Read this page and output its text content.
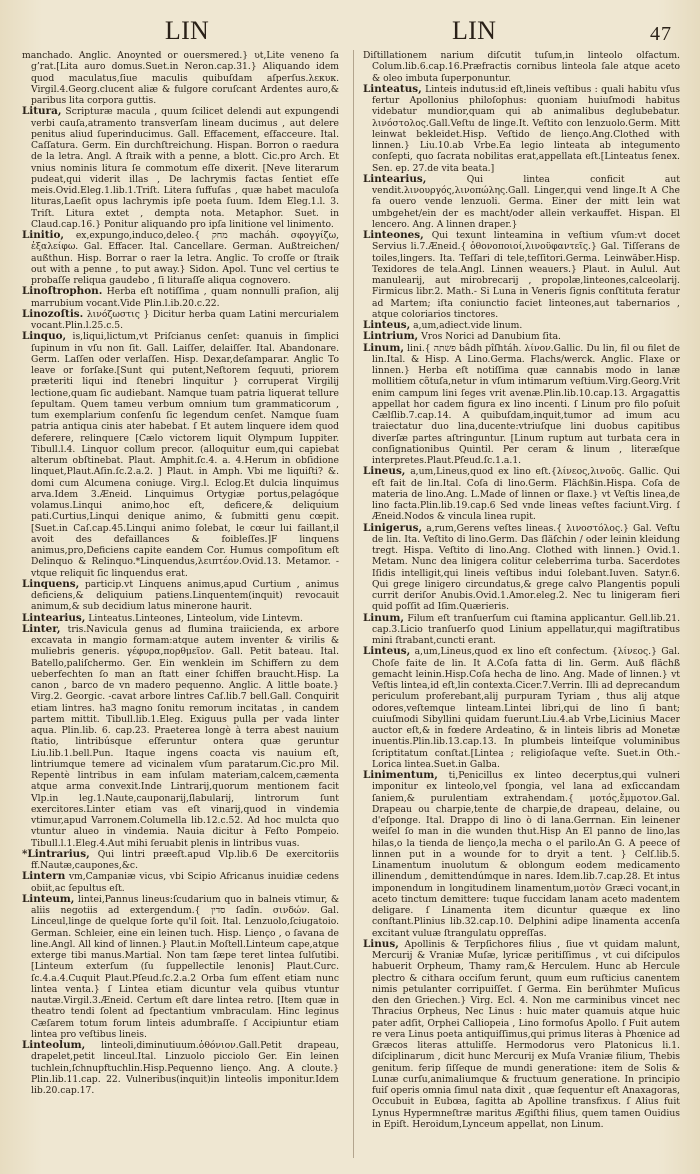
LIN	LIN	47

manchado. Anglic. Anoynted or ouersmered.} ʋt,Lite veneno ſa g’rat.[Lita auro domus.Suet.in Neron.cap.31.} Aliquando idem quod maculatus,ſiue maculis quibuſdam aſperſus.λεκυκ. Virgil.4.Georg.clucent aliæ & fulgore coruſcant Ardentes auro,& paribus lita corpora guttis.

Litura, Scripturæ macula , quum ſcilicet delendi aut expungendi verbi cauſa,atramento transverſam lineam ducimus , aut delere penitus aliud ſuperinducimus. Gall. Effacement, eſfacceure. Ital. Caſſatura. Germ. Ein durchſtreichung. Hispan. Borron o raedura de la letra. Angl. A ſtraik with a penne, a blott. Cic.pro Arch. Et vnius nominis litura ſe commotum eſſe dixerit. [Neve literarum pudeat,qui viderit illas , De lachrymis factas ſentiet eſſe meis.Ovid.Eleg.1.lib.1.Triſt. Litera ſuffuſas , quæ habet maculoſa lituras,Laeſit opus lachrymis ipſe poeta ſuum. Idem Eleg.1.l. 3. Triſt. Litura extet , dempta nota. Metaphor. Suet. in Claud.cap.16.} Ponitur aliquando pro ipſa linitione vel linimento.

Linitio, ex,expungo,induco,deleo.{ מחק macháh. σφογγίζω, ἐξαλείφω. Gal. Effacer. Ital. Cancellare. German. Außtreichen/ außthun. Hisp. Borrar o raer la letra. Anglic. To croſſe or ſtraik out with a penne , to put away.} Sidon. Apol. Tunc vel certius te probaſſe reliqua gaudebo , ſi lituraſſe aliqua cognovero.

Linoſtrophon. Herba eſt notiſſima , quam nonnulli praſion, alij marrubium vocant.Vide Plin.l.ib.20.c.22.

Linozoſtis. λινόζωστις } Dicitur herba quam Latini mercurialem vocant.Plin.l.25.c.5.

Linquo, is,liqui,lictum,vt Priſcianus cenſet: quanuis in ſimplici ſupinum in vſu non ſit. Gall. Laiſſer, delaiſſer. Ital. Abandonare. Germ. Laſſen oder verlaſſen. Hisp. Dexar,deſamparar. Anglic To leave or forſake.[Sunt qui putent,Neſtorem ſequuti, priorem præteriti liqui ind ſtenebri linquitur } corruperat Virgilij lectione,quam ſic audiebant. Namque tuam patria liquerat tellure ſepultam. Quem tameu verbum omnium tum grammaticorum , tum exemplarium conſenſu ſic legendum cenſet. Namque ſuam patria antiqua cinis ater habebat. ſ Et autem linquere idem quod deferere, relinquere [Cælo victorem liquit Olympum Iuppiter. Tibull.l.4. Linquor collum precor. (alloquitur eum,qui capiebat alterum obſtinebat. Plaut. Amphit.ſc.4. a. 4.Herum in obſidione linquet,Plaut.Aſin.ſc.2.a.2. ] Plaut. in Amph. Vbi me liquiſti? &. domi cum Alcumena coniuge. Virg.l. Eclog.Et dulcia linquimus arva.Idem 3.Æneid. Linquimus Ortygiæ portus,pelagóque volamus.Linqui animo,hoc eſt, deficere,& deliquium pati.Curtius,Linqui denique animo, & ſubmitti genu cœpit.[Suet.in Caſ.cap.45.Linqui animo ſolebat, le cœur lui faillant,il avoit des defaillances & foibleſſes.]F linquens animus,pro,Deficiens capite eandem Cor. Humus compoſitum eſt Delinquo & Relinquo.*Linquendus,λειπτέον.Ovid.13. Metamor. -vtque reliquit ſic linquendus erat.

Linquens, particip.vt Linquens animus,apud Curtium , animus deficiens,& deliquium patiens.Linquentem(inquit) revocauit animum,& sub decidium latus minerone haurit.

Lintearius, Linteatus.Linteones, Linteolum, vide Lintevm.

Linter, tris.Navicula genus ad flumina traiicienda, ex arbore excavata in mangio formam:atque autem inventer & virilis & muliebris generis. γέφυρα,πορθμεῖον. Gall. Petit bateau. Ital. Batello,paliſchermo. Ger. Ein wenklein im Schiffern zu dem ueberfechten ſo man an ſtatt einer ſchiffen braucht.Hisp. La canon , barco de vn madero pequenno. Anglic. A little boate.} Virg.2. Georgic. -cavat arbore lintres Caſ.lib.7 bell.Gall. Conquirit etiam lintres. ha3 magno ſonitu remorum incitatas , in candem partem mittit. Tibull.lib.1.Eleg. Exiguus pulla per vada linter aqua. Plin.lib. 6. cap.23. Praeterea longè à terra abest nauium ſtatio, lintribúsque eſferuntur ontera quæ geruntur Liu.lib.1.bell.Pun. Itaque ingens coacta vis nauium eſt, lintriumque temere ad vicinalem vſum paratarum.Cic.pro Mil. Repentè lintribus in eam inſulam materiam,calcem,cæmenta atque arma convexit.Inde Lintrarij,quorum mentionem facit Vlp.in leg.1.Naute,cauponarij,ſlabularij, lintrorum ſunt exercitores.Linter etiam vas eſt vinarij,quod in vindemia vtimur,apud Varronem.Columella lib.12.c.52. Ad hoc mulcta quo vtuntur alueo in vindemia. Nauia dicitur à Feſto Pompeio. Tibull.l.1.Eleg.4.Aut mihi ſeruabit plenis in lintribus vuas.

*Lintrarius, Qui lintri præeſt.apud Vlp.lib.6 De exercitoriis ff.Nautæ,caupones,&c.

Lintern vm,Campaniæ vicus, vbi Scipio Africanus inuidiæ cedens obiit,ac ſepultus eſt.

Linteum, lintei,Pannus lineus:ſcudarium quo in balneis vtimur, & aliis negotiis ad extergendum.{ סדין ſadîn. σινδών. Gal. Linceul,linge de quelque ſorte qu'il ſoit. Ital. Lenzuolo,ſciugatoio. German. Schleier, eine ein leinen tuch. Hisp. Lienço , o ſavana de line.Angl. All kind of linnen.} Plaut.in Moſtell.Linteum cape,atque exterge tibi manus.Martial. Non tam ſæpe teret lintea ſulſutibi.[Linteum exterſum (ſu ſuppellectile lenonis] Plaut.Curc. ſc.4.a.4.Cuquit Plaut.Pſeud.ſc.2.a.2 Orba ſum eſſent etiam nunc lintea venta.} ſ Lintea etiam dicuntur vela quibus vtuntur nautæ.Virgil.3.Æneid. Certum eſt dare lintea retro. [Item quæ in theatro tendi ſolent ad ſpectantium vmbraculam. Hinc leginus Cæſarem totum forum linteis adumbraſſe. ſ Accipiuntur etiam lintea pro veſtibus lineis.

Linteolum, linteoli,diminutiuum.ὀθόνιον.Gall.Petit drapeau, drapelet,petit linceul.Ital. Linzuolo picciolo Ger. Ein leinen tuchlein,ſchnupftuchlin.Hisp.Pequenno lienço. Ang. A cloute.} Plin.lib.11.cap. 22. Vulneribus(inquit)in linteolis imponitur.Idem lib.20.cap.17.

Diſtillationem narium diſcutit tuſum,in linteolo olfactum. Colum.lib.6.cap.16.Præfractis cornibus linteola ſale atque aceto & oleo imbuta ſuperponuntur.

Linteatus, Linteis indutus:id eſt,lineis veſtibus : quali habitu vſus fertur Apollonius philoſophus: quoniam huiuſmodi habitus videbatur mundior,quam qui ab animalibus deglubebatur. λινόστολος.Gall.Veſtu de linge.It. Veſtito con lenzuolo.Germ. Mitt leinwat bekleidet.Hisp. Veſtido de lienço.Ang.Clothed with linnen.} Liu.10.ab Vrbe.Ea legio linteata ab integumento conſepti, quo ſacrata nobilitas erat,appellata eſt.[Linteatus ſenex. Sen. ep. 27.de vita beata.]

Lintearius,	Qui lintea conficit aut vendit.λινουργός,λινοπώλης.Gall. Linger,qui vend linge.It A Che fa ouero vende lenzuoli. Germa. Einer der mitt lein wat umbgehet/ein der es macht/oder allein verkauffet. Hispan. El lencero. Ang. A linnen draper.}

Linteones, Qui texunt linteamina in veſtium vſum:vt docet Servius li.7.Æneid.{ ὀθονοποιοί,λινοϋφαντεῖς.} Gal. Tiſſerans de toiles,lingers. Ita. Teſſari di tele,teſſitori.Germa. Leinwäber.Hisp. Texidores de tela.Angl. Linnen weauers.} Plaut. in Aulul. Aut manulearij, aut mirobrecarij , propolæ,linteones,calceolarij. Firmicus libr.2. Math.- Si Luna in Veneris ſignis conſtituta feratur ad Martem; iſta coniunctio faciet linteones,aut tabernarios , atque coloriarios tinctores.

Linteus, a,um,adiect.vide linum.

Lintrium, Vros Norici ad Danubium ſita.

Linum, lini.{ פשתה bâdh pîſhtáh. λίνον.Gallic. Du lin, fil ou filet de lin.Ital. & Hisp. A Lino.Germa. Flachs/werck. Anglic. Flaxe or linnen.} Herba eſt notiſſima quæ cannabis modo in lanæ mollitiem cõtuſa,netur in vſum intimarum veſtium.Virg.Georg.Vrit enim campum lini ſeges vrit avenæ.Plin.lib.10.cap.13. Argagattis appellat hor cadem figura ex lino incenti. ſ Linum pro filo poſuit Cælſlib.7.cap.14. A quibuſdam,inquit,tumor ad imum acu traiectatur duo lina,ducente:vtriuſque lini duobus capitibus diverſæ partes aſtringuntur. [Linum ruptum aut turbata cera in conſignationibus Quintil. Per ceram & linum , literæſque interpretes.Plaut.Pſeud.ſc.1.a.1.

Lineus, a,um,Lineus,quod ex lino eſt.{λίνεος,λινοῦς. Gallic. Qui eſt fait de lin.Ital. Coſa di lino.Germ. Flächßin.Hispa. Coſa de materia de lino.Ang. L.Made of linnen or ſlaxe.} vt Veſtis linea,de lino facta.Plin.lib.19.cap.6 Sed vnde lineas veſtes faciunt.Virg. ſ Æneid.Nodos & vincula linea rupit.

Linigerus, a,rum,Gerens veſtes lineas.{ λινοστόλος.} Gal. Veſtu de lin. Ita. Veſtito di lino.Germ. Das ſläſchin / oder leinin kleidung tregt. Hispa. Veſtito di lino.Ang. Clothed with linnen.} Ovid.1. Metam. Nunc dea linigera colitur celeberrima turba. Sacerdotes Iſidis intelligit,qui lineis veſtibus indui ſolebant.Iuven. Satyr.6. Qui grege linigero circundatus,& grege calvo Plangentis populi currit deriſor Anubis.Ovid.1.Amor.eleg.2. Nec tu linigeram fieri quid poſſit ad Iſim.Quærieris.

Linum, Filum eſt tranſuerſum cui ſtamina applicantur. Gell.lib.21. cap.3.Licio tranſuerſo quod Linium appellatur,qui magiſtratibus mini ſtrabant,cuncti erant.

Linteus, a,um,Lineus,quod ex lino eſt confectum. {λίνεος.} Gal. Choſe faite de lin. It A.Coſa fatta di lin. Germ. Auß flächß gemacht leinin.Hisp.Coſa hecha de lino. Ang. Made of linnen.} vt Veſtis lintea,id eſt,lin contexta.Cicer.7.Verrin. Illi ad deprecandum periculum proferebant,alij purpuram Tyriam , thus alij atque odores,veſtemque linteam.Lintei libri,qui de lino ſi bant; cuiuſmodi Sibyllini quidam fuerunt.Liu.4.ab Vrbe,Licinius Macer auctor eſt,& in fœdere Ardeatino, & in linteis libris ad Monetæ inuentis.Plin.lib.13.cap.13. In plumbeis linteiſque voluminibus ſcriptitatum conſtat.[Lintea ; religioſaque veſte. Suet.in Oth.-Lorica lintea.Suet.in Galba.

Linimentum, ti,Penicillus ex linteo decerptus,qui vulneri imponitur ex linteolo,vel ſpongia, vel lana ad exſiccandam ſaniem,& purulentiam extrahendam.{ μοτός,ἔμμοτον.Gal. Drapeau ou charpie,tente de charpie,de drapeau, delaine, ou d'eſponge. Ital. Drappo di lino ò di lana.Gerrnan. Ein leinener weiſel ſo man in die wunden thut.Hisp An El panno de lino,las hilas,o la tienda de lienço,la mecha o el parilo.An G. A peece of linnen put in a wounde for to dryit a tent. } Celſ.lib.5. Linamentum inuolutum & oblongum eodem medicamento illinendum , demittendúmque in nares. Idem.lib.7.cap.28. Et intus imponendum in longitudinem linamentum,μοτὸν Græci vocant,in aceto tinctum demittere: tuque fuccidam lanam aceto madentem deligare. ſ Linamenta item dicuntur quæque ex lino conſtant.Plinius lib.32.cap.10. Delphini adipe linamenta accenſa excitant vuluæ ſtrangulatu oppreſſas.

Linus, Apollinis & Terpſichores filius , ſiue vt quidam malunt, Mercurij & Vraniæ Muſæ, lyricæ peritiſſimus , vt cui diſcipulos habuerit Orpheum, Thamy ram,& Herculem. Hunc ab Hercule plectro & cithara occiſum ferunt, quum eum ruſticius canentem nimis petulanter corripuiſſet. ſ Germa. Ein berühmter Muſicus den den Griechen.} Virg. Ecl. 4. Non me carminibus vincet nec Thracius Orpheus, Nec Linus : huic mater quamuis atque huic pater adſit, Orphei Calliopeia , Lino formoſus Apollo. ſ Fuit autem re vera Linus poeta antiquiſſimus,qui primus literas à Phœnice ad Græcos literas attuliſſe. Hermodorus vero Platonicus li.1. diſciplinarum , dicit hunc Mercurij ex Muſa Vraniæ filium, Thebis genitum. ferip ſiſſeque de mundi generatione: item de Solis & Lunæ curſu,animaliumque & fructuum generatione. In principio fuiſ operis omnia ſimul nata dixit , quæ ſequentur eſt Anaxagoras, Occubuit in Eubœa, ſagitta ab Apolline transfixus. ſ Alius fuit Lynus Hypermneſtræ maritus Ægiſthi filius, quem tamen Ouidius in Epiſt. Heroidum,Lynceum appellat, non Linum.
